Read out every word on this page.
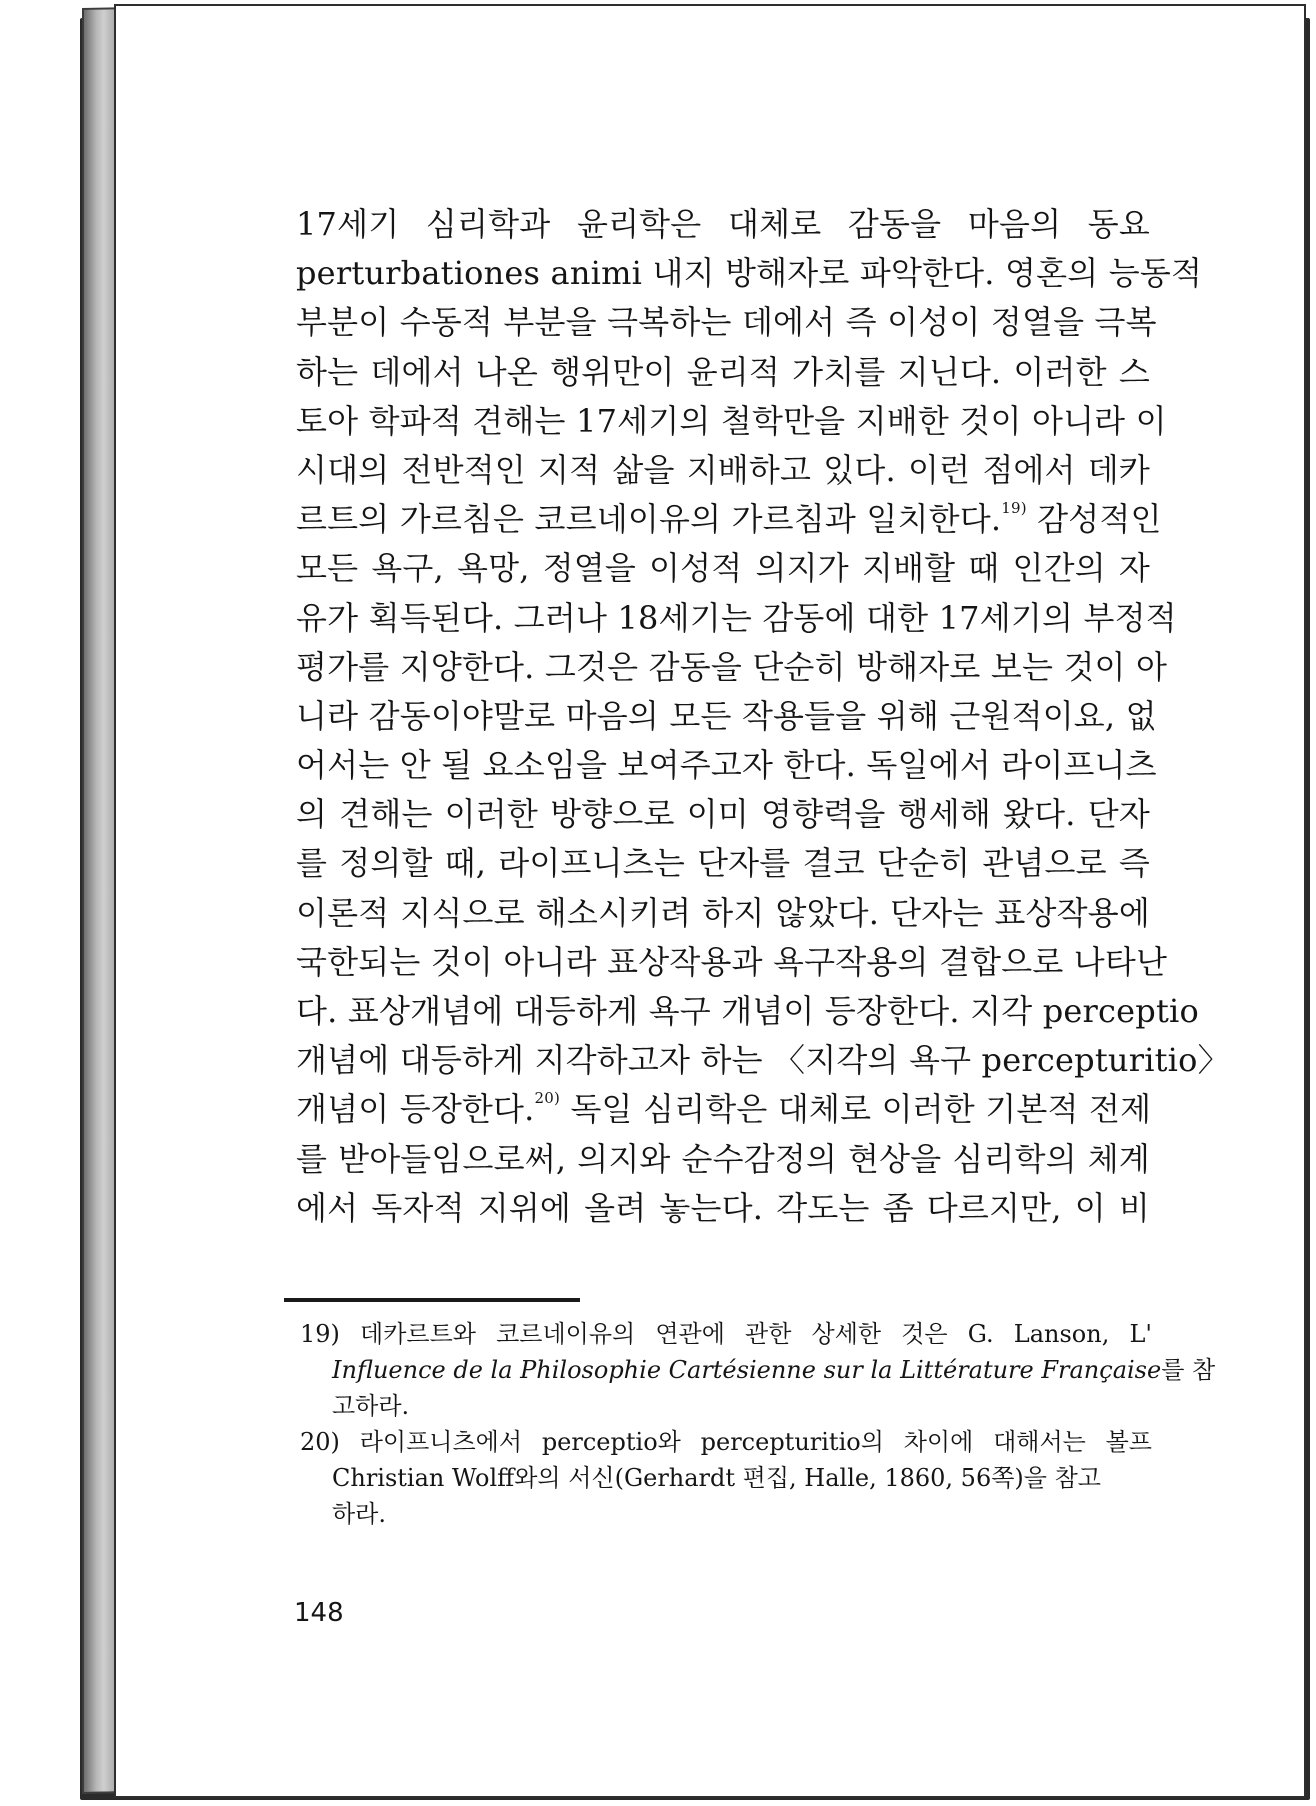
17세기 심리학과 윤리학은 대체로 감동을 마음의 동요
perturbationes animi 내지 방해자로 파악한다. 영혼의 능동적
부분이 수동적 부분을 극복하는 데에서 즉 이성이 정열을 극복
하는 데에서 나온 행위만이 윤리적 가치를 지닌다. 이러한 스
토아 학파적 견해는 17세기의 철학만을 지배한 것이 아니라 이
시대의 전반적인 지적 삶을 지배하고 있다. 이런 점에서 데카
르트의 가르침은 코르네이유의 가르침과 일치한다.$^{19)}$ 감성적인
모든 욕구, 욕망, 정열을 이성적 의지가 지배할 때 인간의 자
유가 획득된다. 그러나 18세기는 감동에 대한 17세기의 부정적
평가를 지양한다. 그것은 감동을 단순히 방해자로 보는 것이 아
니라 감동이야말로 마음의 모든 작용들을 위해 근원적이요, 없
어서는 안 될 요소임을 보여주고자 한다. 독일에서 라이프니츠
의 견해는 이러한 방향으로 이미 영향력을 행세해 왔다. 단자
를 정의할 때, 라이프니츠는 단자를 결코 단순히 관념으로 즉
이론적 지식으로 해소시키려 하지 않았다. 단자는 표상작용에
국한되는 것이 아니라 표상작용과 욕구작용의 결합으로 나타난
다. 표상개념에 대등하게 욕구 개념이 등장한다. 지각 perceptio
개념에 대등하게 지각하고자 하는 〈지각의 욕구 percepturitio〉
개념이 등장한다.$^{20)}$ 독일 심리학은 대체로 이러한 기본적 전제
를 받아들임으로써, 의지와 순수감정의 현상을 심리학의 체계
에서 독자적 지위에 올려 놓는다. 각도는 좀 다르지만, 이 비
19) 데카르트와 코르네이유의 연관에 관한 상세한 것은 G. Lanson, L'
Influence de la Philosophie Cartésienne sur la Littérature Française를 참
고하라.
20) 라이프니츠에서 perceptio와 percepturitio의 차이에 대해서는 볼프
Christian Wolff와의 서신(Gerhardt 편집, Halle, 1860, 56쪽)을 참고
하라.
148
